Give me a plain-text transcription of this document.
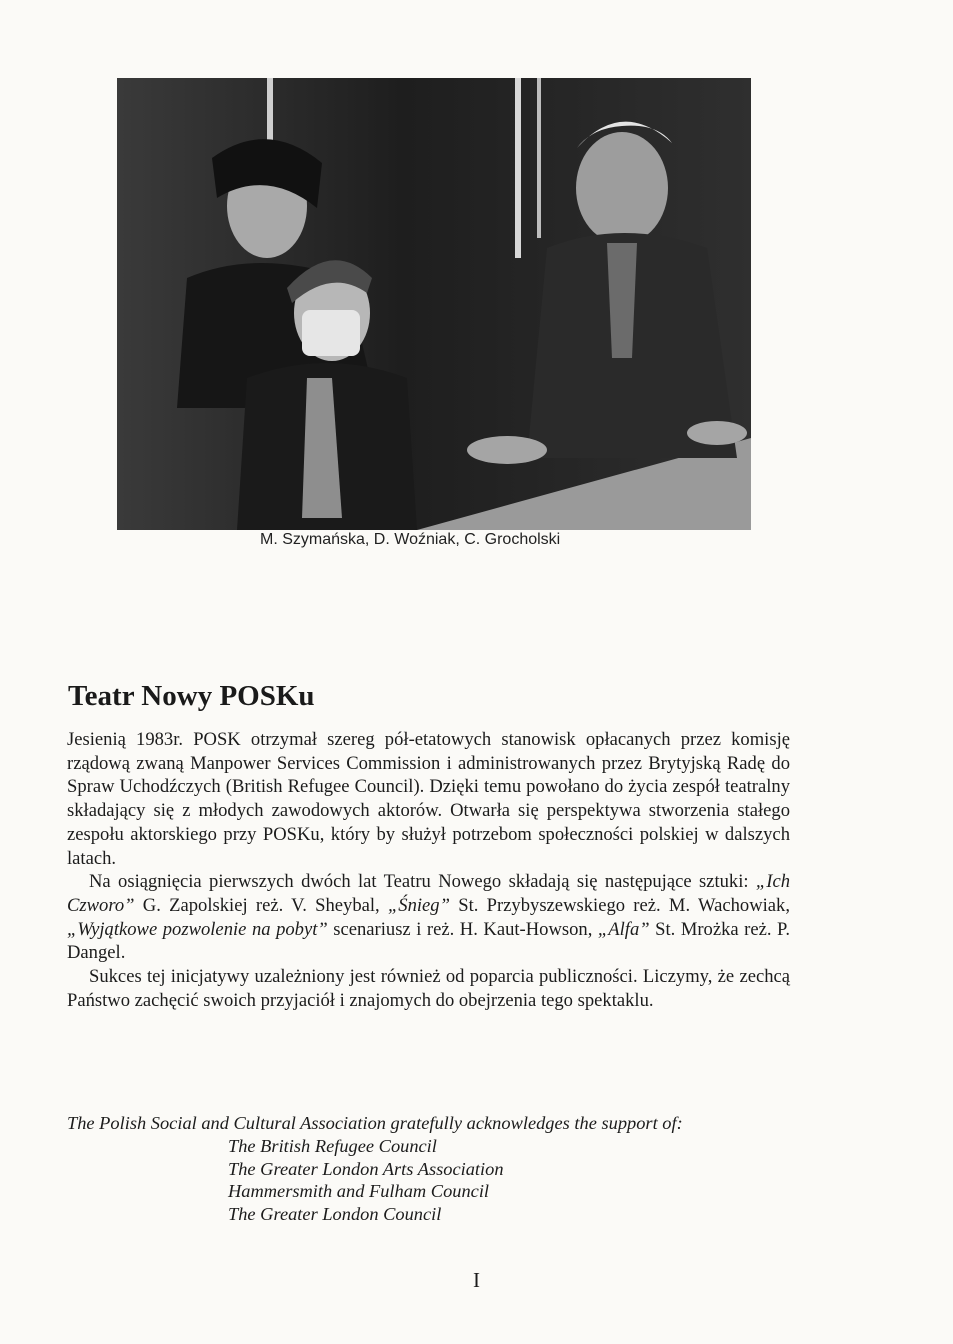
M. Szymańska, D. Woźniak, C. Grocholski
Teatr Nowy POSKu

Jesienią 1983r. POSK otrzymał szereg pół-etatowych stanowisk opłacanych przez komisję rządową zwaną Manpower Services Commission i administrowanych przez Brytyjską Radę do Spraw Uchodźczych (British Refugee Council). Dzięki temu powołano do życia zespół teatralny składający się z młodych zawodowych aktorów. Otwarła się perspektywa stworzenia stałego zespołu aktorskiego przy POSKu, który by służył potrzebom społeczności polskiej w dalszych latach.

Na osiągnięcia pierwszych dwóch lat Teatru Nowego składają się następujące sztuki: „Ich Czworo” G. Zapolskiej reż. V. Sheybal, „Śnieg” St. Przybyszewskiego reż. M. Wachowiak, „Wyjątkowe pozwolenie na pobyt” scenariusz i reż. H. Kaut-Howson, „Alfa” St. Mrożka reż. P. Dangel.

Sukces tej inicjatywy uzależniony jest również od poparcia publiczności. Liczymy, że zechcą Państwo zachęcić swoich przyjaciół i znajomych do obejrzenia tego spektaklu.

The Polish Social and Cultural Association gratefully acknowledges the support of:
The British Refugee Council
The Greater London Arts Association
Hammersmith and Fulham Council
The Greater London Council
I
